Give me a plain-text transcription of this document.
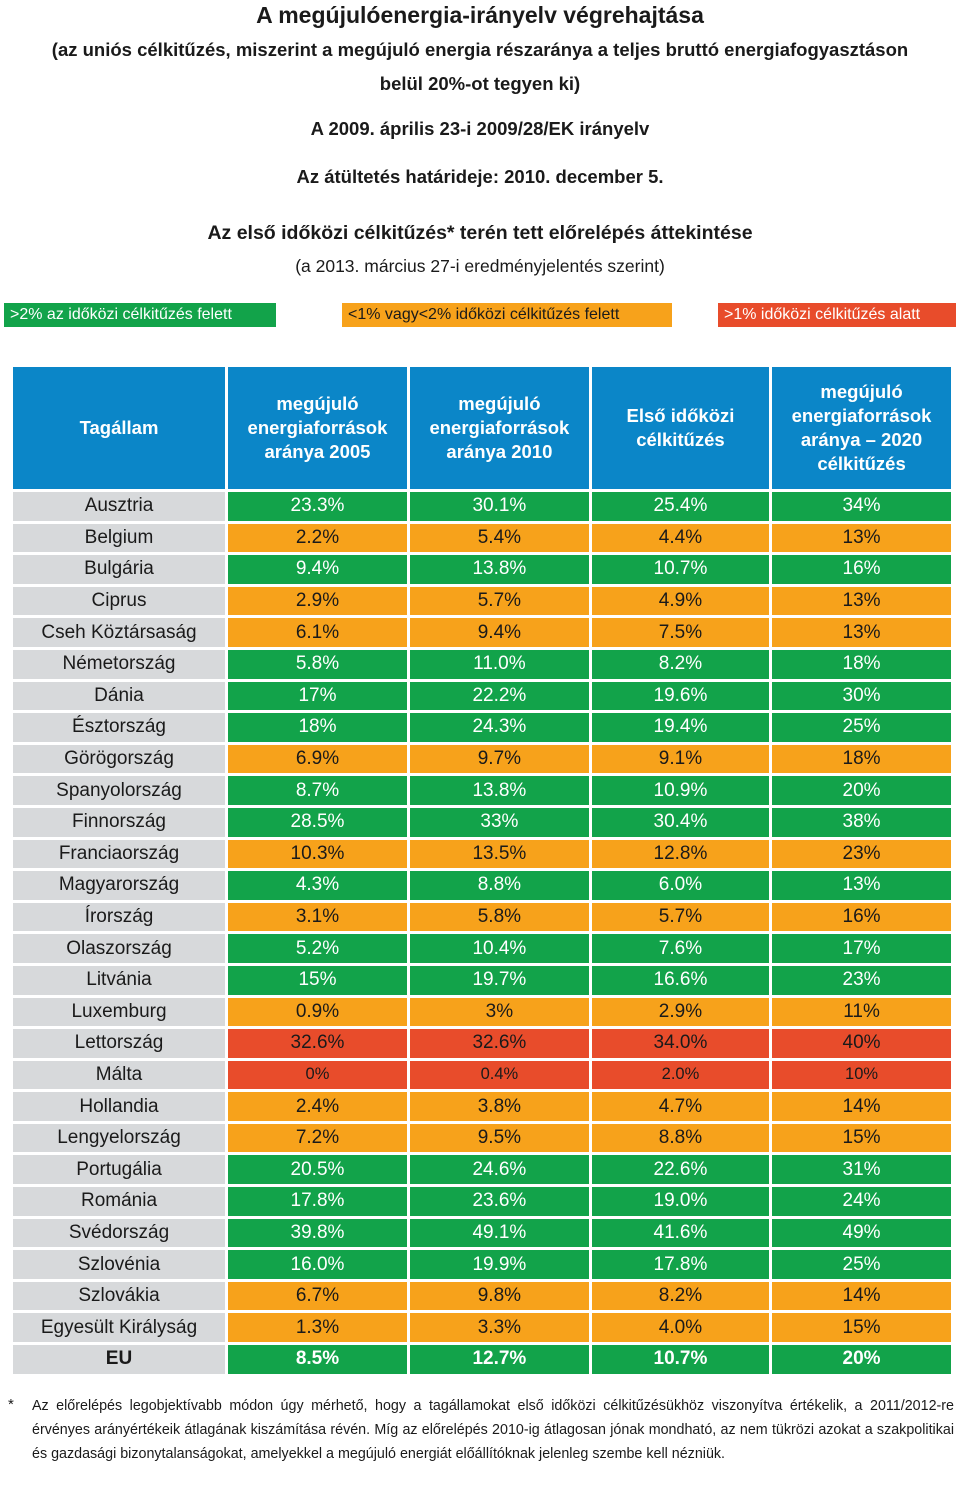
A megújulóenergia-irányelv végrehajtása
(az uniós célkitűzés, miszerint a megújuló energia részaránya a teljes bruttó energiafogyasztáson
belül 20%-ot tegyen ki)
A 2009. április 23-i 2009/28/EK irányelv
Az átültetés határideje: 2010. december 5.
Az első időközi célkitűzés* terén tett előrelépés áttekintése
(a 2013. március 27-i eredményjelentés szerint)
>2% az időközi célkitűzés felett	<1% vagy<2% időközi célkitűzés felett	>1% időközi célkitűzés alatt
Tagállam	megújuló energiaforrások aránya 2005	megújuló energiaforrások aránya 2010	Első időközi célkitűzés	megújuló energiaforrások aránya – 2020 célkitűzés
Ausztria	23.3%	30.1%	25.4%	34%
Belgium	2.2%	5.4%	4.4%	13%
Bulgária	9.4%	13.8%	10.7%	16%
Ciprus	2.9%	5.7%	4.9%	13%
Cseh Köztársaság	6.1%	9.4%	7.5%	13%
Németország	5.8%	11.0%	8.2%	18%
Dánia	17%	22.2%	19.6%	30%
Észtország	18%	24.3%	19.4%	25%
Görögország	6.9%	9.7%	9.1%	18%
Spanyolország	8.7%	13.8%	10.9%	20%
Finnország	28.5%	33%	30.4%	38%
Franciaország	10.3%	13.5%	12.8%	23%
Magyarország	4.3%	8.8%	6.0%	13%
Írország	3.1%	5.8%	5.7%	16%
Olaszország	5.2%	10.4%	7.6%	17%
Litvánia	15%	19.7%	16.6%	23%
Luxemburg	0.9%	3%	2.9%	11%
Lettország	32.6%	32.6%	34.0%	40%
Málta	0%	0.4%	2.0%	10%
Hollandia	2.4%	3.8%	4.7%	14%
Lengyelország	7.2%	9.5%	8.8%	15%
Portugália	20.5%	24.6%	22.6%	31%
Románia	17.8%	23.6%	19.0%	24%
Svédország	39.8%	49.1%	41.6%	49%
Szlovénia	16.0%	19.9%	17.8%	25%
Szlovákia	6.7%	9.8%	8.2%	14%
Egyesült Királyság	1.3%	3.3%	4.0%	15%
EU	8.5%	12.7%	10.7%	20%
* Az előrelépés legobjektívabb módon úgy mérhető, hogy a tagállamokat első időközi célkitűzésükhöz viszonyítva értékelik, a 2011/2012-re érvényes arányértékeik átlagának kiszámítása révén. Míg az előrelépés 2010-ig átlagosan jónak mondható, az nem tükrözi azokat a szakpolitikai és gazdasági bizonytalanságokat, amelyekkel a megújuló energiát előállítóknak jelenleg szembe kell nézniük.
